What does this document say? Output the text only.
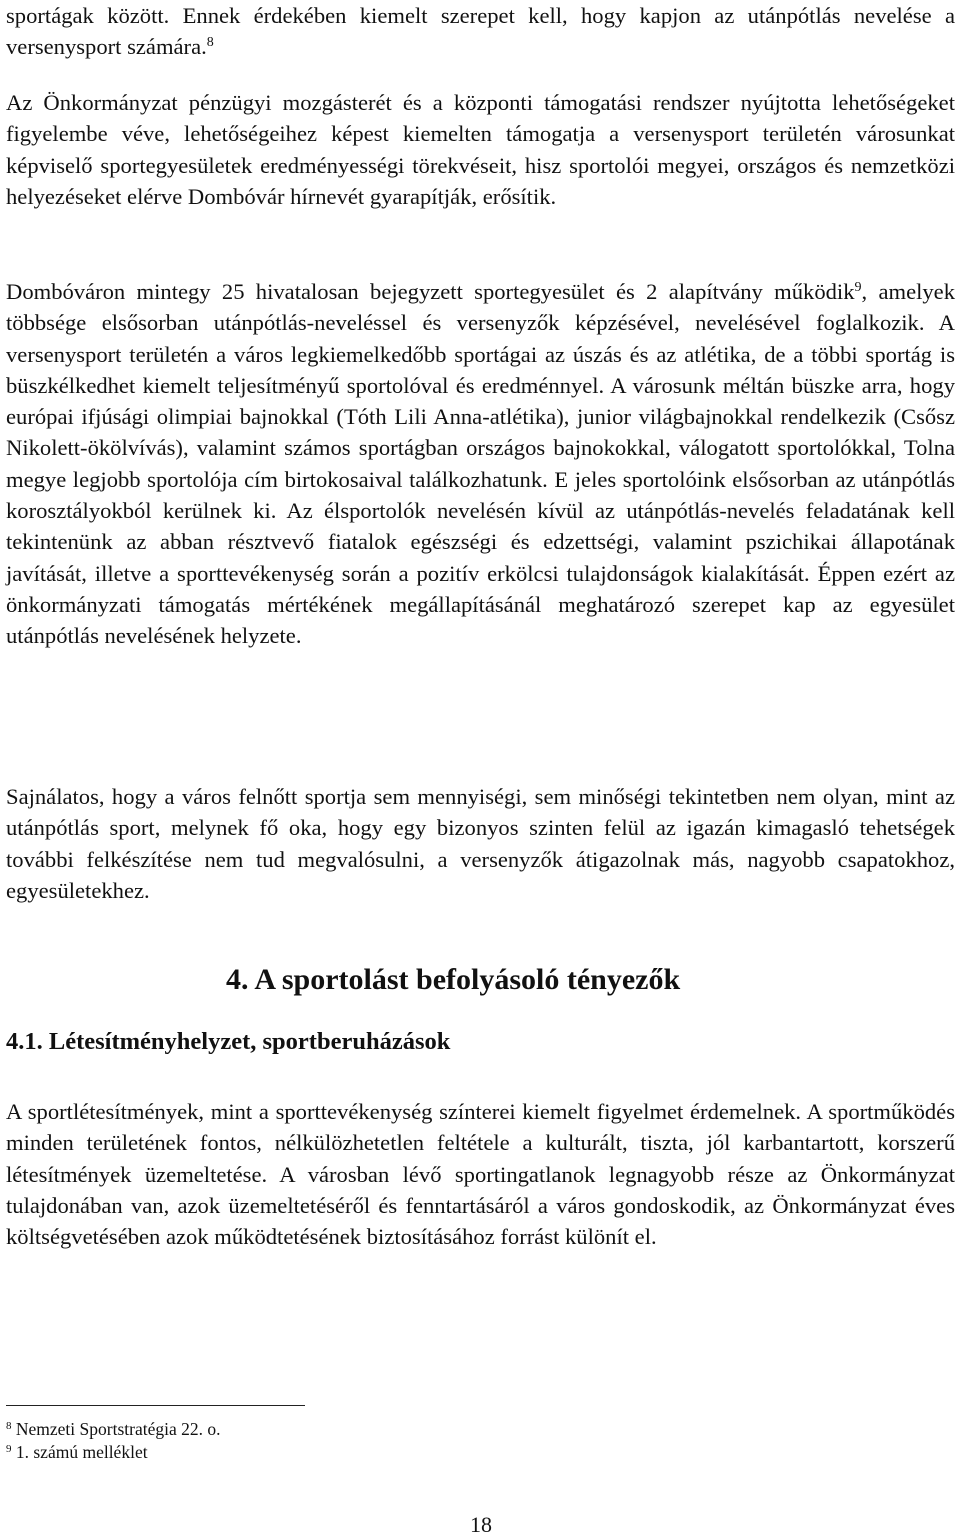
sportágak között. Ennek érdekében kiemelt szerepet kell, hogy kapjon az utánpótlás nevelése a versenysport számára.$^8$

Az Önkormányzat pénzügyi mozgásterét és a központi támogatási rendszer nyújtotta lehetőségeket figyelembe véve, lehetőségeihez képest kiemelten támogatja a versenysport területén városunkat képviselő sportegyesületek eredményességi törekvéseit, hisz sportolói megyei, országos és nemzetközi helyezéseket elérve Dombóvár hírnevét gyarapítják, erősítik.

Dombóváron mintegy 25 hivatalosan bejegyzett sportegyesület és 2 alapítvány működik$^9$, amelyek többsége elsősorban utánpótlás-neveléssel és versenyzők képzésével, nevelésével foglalkozik. A versenysport területén a város legkiemelkedőbb sportágai az úszás és az atlétika, de a többi sportág is büszkélkedhet kiemelt teljesítményű sportolóval és eredménnyel. A városunk méltán büszke arra, hogy európai ifjúsági olimpiai bajnokkal (Tóth Lili Anna-atlétika), junior világbajnokkal rendelkezik (Csősz Nikolett-ökölvívás), valamint számos sportágban országos bajnokokkal, válogatott sportolókkal, Tolna megye legjobb sportolója cím birtokosaival találkozhatunk. E jeles sportolóink elsősorban az utánpótlás korosztályokból kerülnek ki. Az élsportolók nevelésén kívül az utánpótlás-nevelés feladatának kell tekintenünk az abban résztvevő fiatalok egészségi és edzettségi, valamint pszichikai állapotának javítását, illetve a sporttevékenység során a pozitív erkölcsi tulajdonságok kialakítását. Éppen ezért az önkormányzati támogatás mértékének megállapításánál meghatározó szerepet kap az egyesület utánpótlás nevelésének helyzete.

Sajnálatos, hogy a város felnőtt sportja sem mennyiségi, sem minőségi tekintetben nem olyan, mint az utánpótlás sport, melynek fő oka, hogy egy bizonyos szinten felül az igazán kimagasló tehetségek további felkészítése nem tud megvalósulni, a versenyzők átigazolnak más, nagyobb csapatokhoz, egyesületekhez.

4. A sportolást befolyásoló tényezők
4.1. Létesítményhelyzet, sportberuházások

A sportlétesítmények, mint a sporttevékenység színterei kiemelt figyelmet érdemelnek. A sportműködés minden területének fontos, nélkülözhetetlen feltétele a kulturált, tiszta, jól karbantartott, korszerű létesítmények üzemeltetése. A városban lévő sportingatlanok legnagyobb része az Önkormányzat tulajdonában van, azok üzemeltetéséről és fenntartásáról a város gondoskodik, az Önkormányzat éves költségvetésében azok működtetésének biztosításához forrást különít el.

$^8$ Nemzeti Sportstratégia 22. o.

$^9$ 1. számú melléklet

18
